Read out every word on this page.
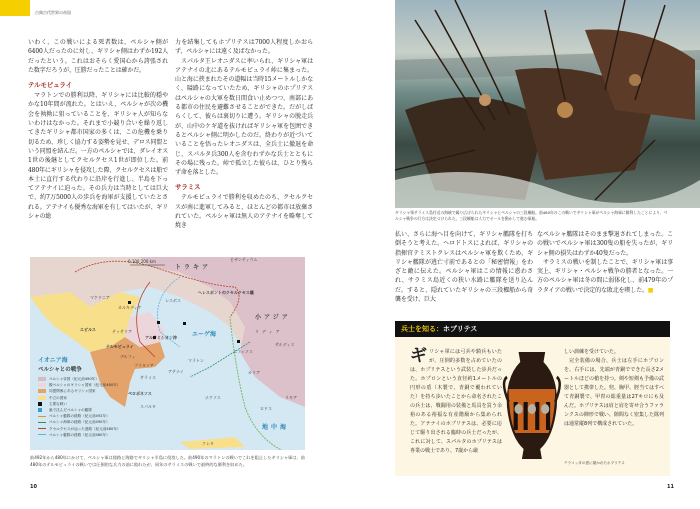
古典古代世界の帝国

いわく、この戦いによる死者数は、ペルシャ側が6400人だったのに対し、ギリシャ側はわずか192人だったという。これはおそらく愛国心から誇張された数字だろうが、圧勝だったことは確かだ。

テルモピュライ

マラトンでの勝利以降、ギリシャには比較的穏やかな10年間が流れた。とはいえ、ペルシャが次の機会を執拗に狙っていることを、ギリシャ人が知らないわけはなかった。それまで小競り合いを繰り返してきたギリシャ都市国家の多くは、この危機を乗り切るため、珍しく協力する姿勢を見せ、デロス同盟という同盟を結んだ。一方のペルシャでは、ダレイオス1世の後継としてクセルクセス1世が即位した。前480年にギリシャを侵攻した際、クセルクセスは船で本土に直行する代わりに沿岸を行進し、半島を下ってアテナイに迫った。その兵力は当時としては巨大で、約7万5000人の歩兵を海軍が支援していたとされる。アテナイも優秀な海軍を有してはいたが、ギリシャの総

力を結集してもホプリテスは7000人程度しかおらず、ペルシャには遠く及ばなかった。

スパルタ王レオニダスに率いられ、ギリシャ軍はアテナイの北にあるテルモピュライ峠に集まった。山と海に挟まれたその道幅は当時15メートルしかなく、隘路になっていたため、ギリシャのホプリテスはペルシャの大軍を数日間食い止めつつ、南部にある都市の住民を避難させることができた。だがしばらくして、彼らは裏切りに遭う。ギリシャの脱走兵が、山中のケギ道を抜ければギリシャ軍を包囲できるとペルシャ側に明かしたのだ。終わりが近づいていることを悟ったレオニダスは、全兵士に撤退を命じ、スパルタ兵300人を含むわずかな兵士とともにその場に残った。峠で孤立した彼らは、ひとり残らず命を落とした。

サラミス

テルモピュライで勝利を収めたのち、クセルクセスが南に進軍してみると、ほとんどの都市は放棄されていた。ペルシャ軍は無人のアテナイを略奪して焼き

0 100 200 km
トラキア
マケドニア
エピルス	テッサリア
小アジア
リディア
エーゲ海
イオニア海
地中海
ペロポネソス
クレタ
カリア
リキア
ビザンティウム
ヘレスポントのクセルクセス橋
カルキディケ
レスボス
テルモピュライ
アルテミシオン沖
デルフィ
プラタイア
マラトン
アテナイ
サラミス
スパルタ
ナクソス
ロドス
サルディス
エフェソス
ペルシャとの戦争
ペルシャ帝国（紀元前490年）
親ペルシャのギリシャ国家（紀元前480年）
同盟関係にあるギリシャ国家
中立の国家
主要な戦い
嵐で沈んだペルシャの艦隊
ペルシャ艦隊の経路（紀元前492年）
ペルシャ海軍の経路（紀元前490年）
クセルクセスが辿った進路（紀元前480年）
ペルシャ艦隊の経路（紀元前480年）
前492年から480年にかけて、ペルシャ軍は陸路と海路でギリシャ半島に侵攻した。前490年のマラトンの戦いでこれを阻止したギリシャ軍は、前480年のテルモピュライの戦いでは圧倒的な兵力の前に敗れたが、同年のサラミスの戦いで最終的な勝利を収めた。
10
ギリシャ領サラミス島付近の海峡で繰り広げられたギリシャとペルシャの三段櫂船。前480年のこの戦いでギリシャ軍がペルシャ海軍に勝利したことにより、ペルシャ戦争の行方は決定づけられた。三段櫂船は人力でオールを動かして進む軍船。

払い、さらに海へ目を向けて、ギリシャ艦隊を打ち倒そうと考えた。ヘロドトスによれば、ギリシャの指揮官テミストクレスはペルシャ軍を欺くため、ギリシャ艦隊が逃亡寸前であるとの「秘密情報」をわざと敵に伝えた。ペルシャ軍はこの情報に惑わされ、サラミス島近くの狭い水路に艦隊を送り込んだ。すると、隠れていたギリシャの三段櫂船から奇襲を受け、巨大

なペルシャ艦隊はそのまま撃退されてしまった。この戦いでペルシャ軍は300隻の船を失ったが、ギリシャ側の損失はわずか40隻だった。

サラミスの戦いを制したことで、ギリシャ軍は事実上、ギリシャ・ペルシャ戦争の勝者となった。一方のペルシャ軍は冬の間に弱体化し、前479年のプラタイアの戦いで決定的な敗北を喫した。■

兵士を知る：ホプリテス
ギリシャ軍には弓兵や騎兵もいたが、圧倒的多数を占めていたのは、ホプリテスという武装した歩兵だった。ホプロンという直径約1メートルの円形の盾（木製で、青銅で覆われていた）を持ち歩いたことから命名されたこの兵士は、戦闘用の装備と馬具を買う余裕のある裕福な有産階級から集められた。アテナイのホプリテスは、必要に応じて駆り出される臨時の兵士だったが、これに対して、スパルタのホプリテスは専業の戦士であり、7歳から厳

しい訓練を受けていた。

完全装備の場合、兵士は左手にホプロンを、右手には、先端が青銅でできた長さ2メートルほどの槍を持つ。剣や短剣も予備の武器として携帯した。兜、胸甲、脛当てはすべて青銅製で、甲冑の総重量は27キロにも及んだ。ホプリテスは肩と肩を寄せ合うファランクスの陣形で戦い、隙間なく密集した隊列は通常縦8列で構成されていた。

テラコッタの壺に描かれたホプリテス
11
